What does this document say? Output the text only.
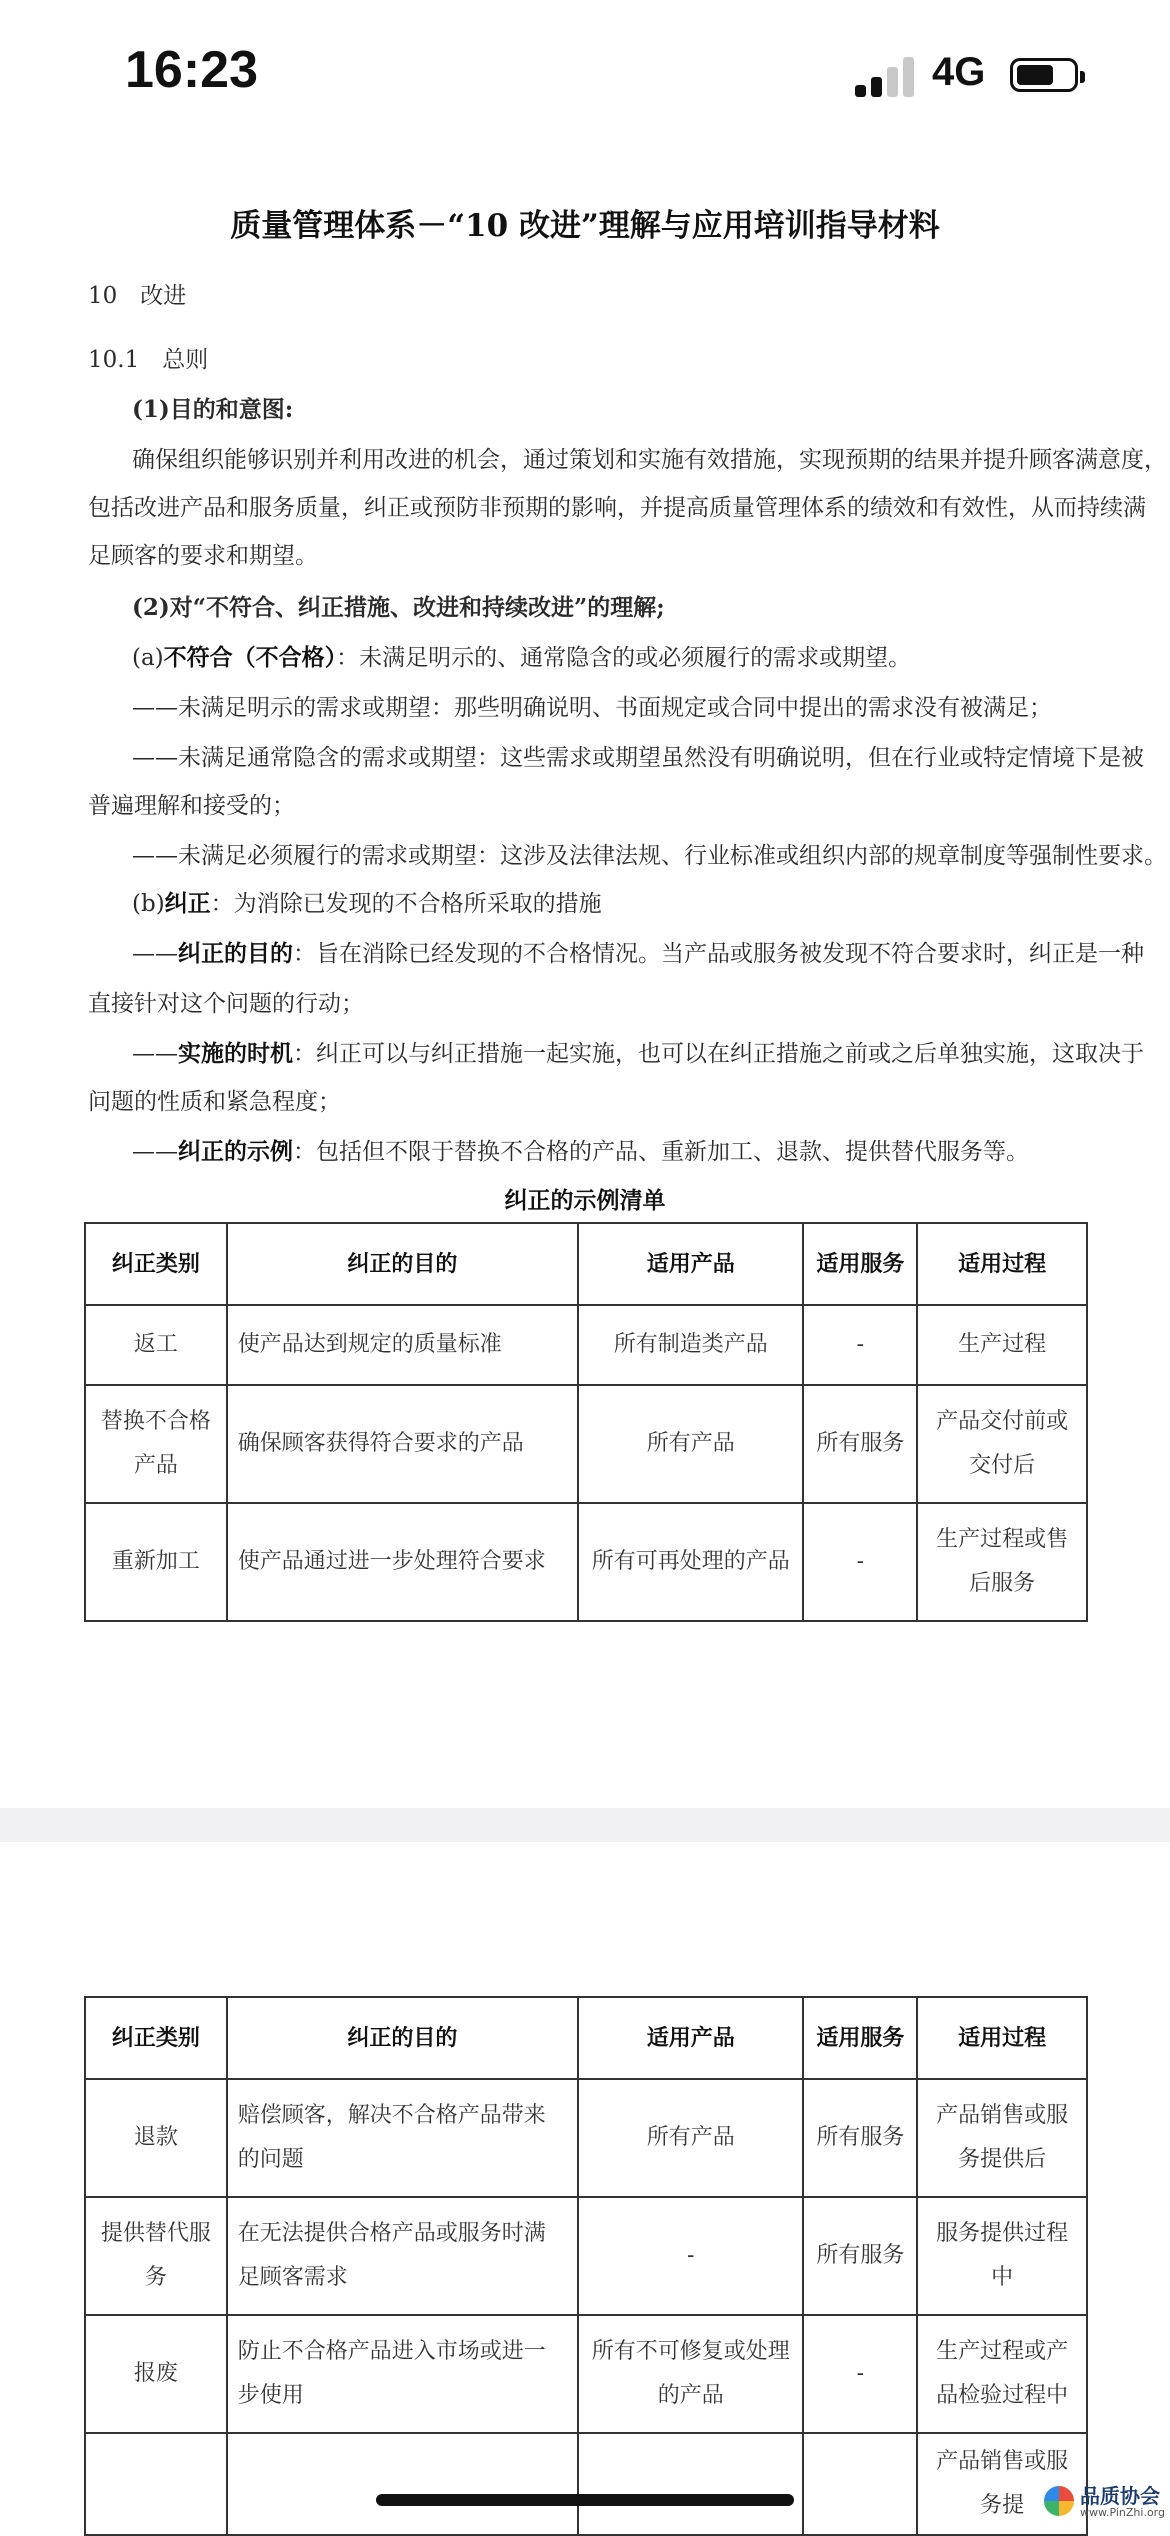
16:23	4G
质量管理体系－“10 改进”理解与应用培训指导材料
10　改进
10.1　总则
(1)目的和意图:
确保组织能够识别并利用改进的机会，通过策划和实施有效措施，实现预期的结果并提升顾客满意度，
包括改进产品和服务质量，纠正或预防非预期的影响，并提高质量管理体系的绩效和有效性，从而持续满
足顾客的要求和期望。
(2)对“不符合、纠正措施、改进和持续改进”的理解;
(a)不符合（不合格）：未满足明示的、通常隐含的或必须履行的需求或期望。
——未满足明示的需求或期望：那些明确说明、书面规定或合同中提出的需求没有被满足；
——未满足通常隐含的需求或期望：这些需求或期望虽然没有明确说明，但在行业或特定情境下是被
普遍理解和接受的；
——未满足必须履行的需求或期望：这涉及法律法规、行业标准或组织内部的规章制度等强制性要求。
(b)纠正：为消除已发现的不合格所采取的措施
——纠正的目的：旨在消除已经发现的不合格情况。当产品或服务被发现不符合要求时，纠正是一种
直接针对这个问题的行动；
——实施的时机：纠正可以与纠正措施一起实施，也可以在纠正措施之前或之后单独实施，这取决于
问题的性质和紧急程度；
——纠正的示例：包括但不限于替换不合格的产品、重新加工、退款、提供替代服务等。
纠正的示例清单
纠正类别	纠正的目的	适用产品	适用服务	适用过程
返工	使产品达到规定的质量标准	所有制造类产品	-	生产过程
替换不合格产品	确保顾客获得符合要求的产品	所有产品	所有服务	产品交付前或交付后
重新加工	使产品通过进一步处理符合要求	所有可再处理的产品	-	生产过程或售后服务
纠正类别	纠正的目的	适用产品	适用服务	适用过程
退款	赔偿顾客，解决不合格产品带来的问题	所有产品	所有服务	产品销售或服务提供后
提供替代服务	在无法提供合格产品或服务时满足顾客需求	-	所有服务	服务提供过程中
报废	防止不合格产品进入市场或进一步使用	所有不可修复或处理的产品	-	生产过程或产品检验过程中
				产品销售或服务提	品质协会
www.PinZhi.org
